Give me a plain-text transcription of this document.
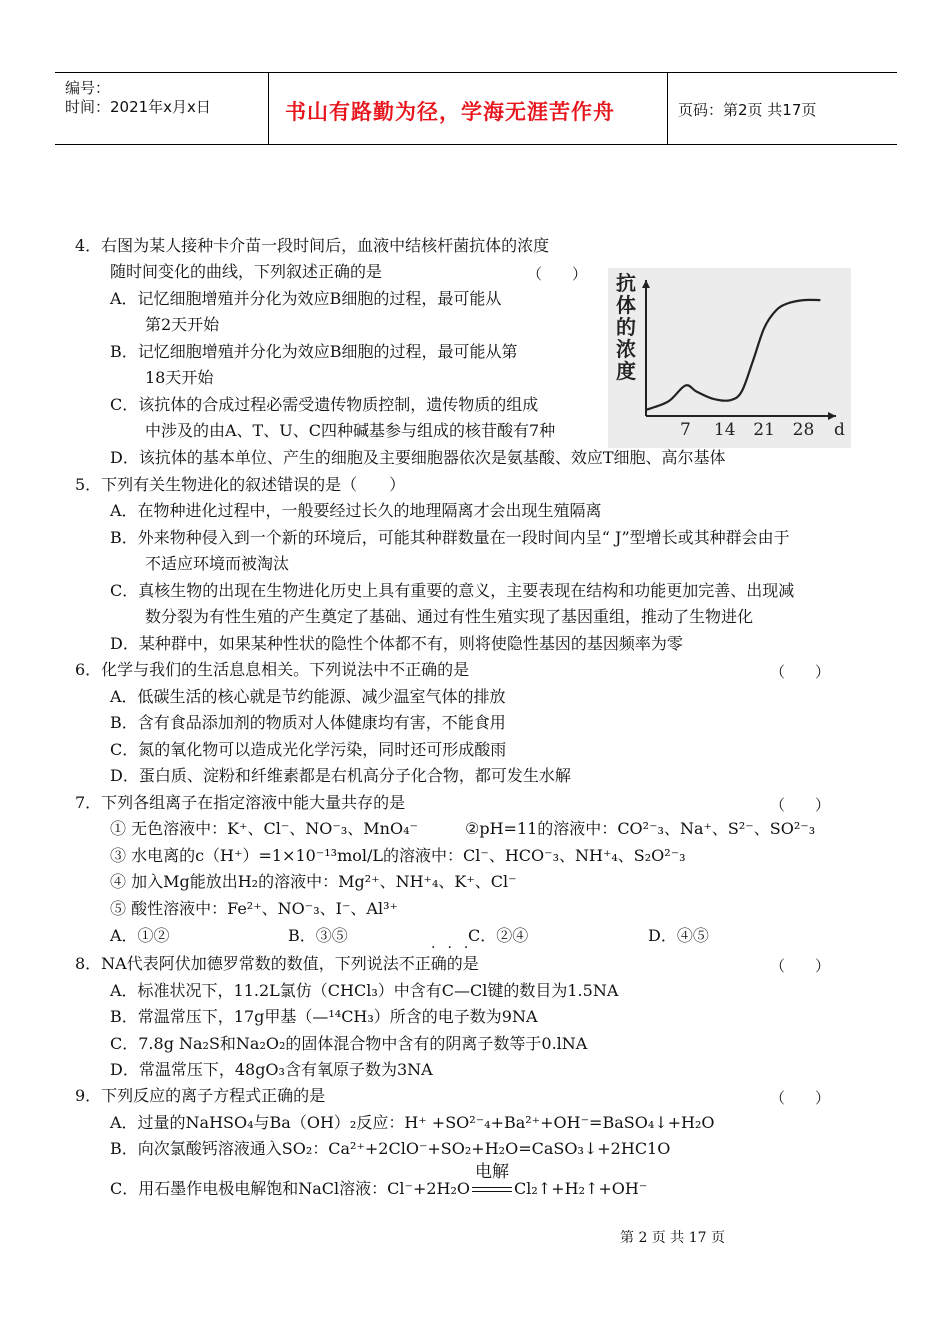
编号：
时间：2021年x月x日	书山有路勤为径，学海无涯苦作舟	页码：第2页 共17页
4．右图为某人接种卡介苗一段时间后，血液中结核杆菌抗体的浓度
随时间变化的曲线，下列叙述正确的是	（　　）
A．记忆细胞增殖并分化为效应B细胞的过程，最可能从
第2天开始
B．记忆细胞增殖并分化为效应B细胞的过程，最可能从第
18天开始
C．该抗体的合成过程必需受遗传物质控制，遗传物质的组成
中涉及的由A、T、U、C四种碱基参与组成的核苷酸有7种
D．该抗体的基本单位、产生的细胞及主要细胞器依次是氨基酸、效应T细胞、高尔基体
抗
体
的
浓
度
7 14 21 28 d
5．下列有关生物进化的叙述错误的是（　　）
A．在物种进化过程中，一般要经过长久的地理隔离才会出现生殖隔离
B．外来物种侵入到一个新的环境后，可能其种群数量在一段时间内呈“ J”型增长或其种群会由于
不适应环境而被淘汰
C．真核生物的出现在生物进化历史上具有重要的意义，主要表现在结构和功能更加完善、出现减
数分裂为有性生殖的产生奠定了基础、通过有性生殖实现了基因重组，推动了生物进化
D．某种群中，如果某种性状的隐性个体都不有，则将使隐性基因的基因频率为零
6．化学与我们的生活息息相关。下列说法中不正确的是	（　　）
A．低碳生活的核心就是节约能源、减少温室气体的排放
B．含有食品添加剂的物质对人体健康均有害，不能食用
C．氮的氧化物可以造成光化学污染，同时还可形成酸雨
D．蛋白质、淀粉和纤维素都是右机高分子化合物，都可发生水解
7．下列各组离子在指定溶液中能大量共存的是	（　　）
① 无色溶液中：K⁺、Cl⁻、NO⁻₃、MnO₄⁻	②pH=11的溶液中：CO²⁻₃、Na⁺、S²⁻、SO²⁻₃
③ 水电离的c（H⁺）=1×10⁻¹³mol/L的溶液中：Cl⁻、HCO⁻₃、NH⁺₄、S₂O²⁻₃
④ 加入Mg能放出H₂的溶液中：Mg²⁺、NH⁺₄、K⁺、Cl⁻
⑤ 酸性溶液中：Fe²⁺、NO⁻₃、I⁻、Al³⁺
A．①②	B．③⑤	C．②④	D．④⑤
···
8．NA代表阿伏加德罗常数的数值，下列说法不正确的是	（　　）
A．标准状况下，11.2L氯仿（CHCl₃）中含有C—Cl键的数目为1.5NA
B．常温常压下，17g甲基（—¹⁴CH₃）所含的电子数为9NA
C．7.8g Na₂S和Na₂O₂的固体混合物中含有的阴离子数等于0.lNA
D．常温常压下，48gO₃含有氧原子数为3NA
9．下列反应的离子方程式正确的是	（　　）
A．过量的NaHSO₄与Ba（OH）₂反应：H⁺ +SO²⁻₄+Ba²⁺+OH⁻=BaSO₄↓+H₂O
B．向次氯酸钙溶液通入SO₂：Ca²⁺+2ClO⁻+SO₂+H₂O=CaSO₃↓+2HC1O
C．用石墨作电极电解饱和NaCl溶液：Cl⁻+2H₂O
电解
Cl₂↑+H₂↑+OH⁻
第 2 页 共 17 页
